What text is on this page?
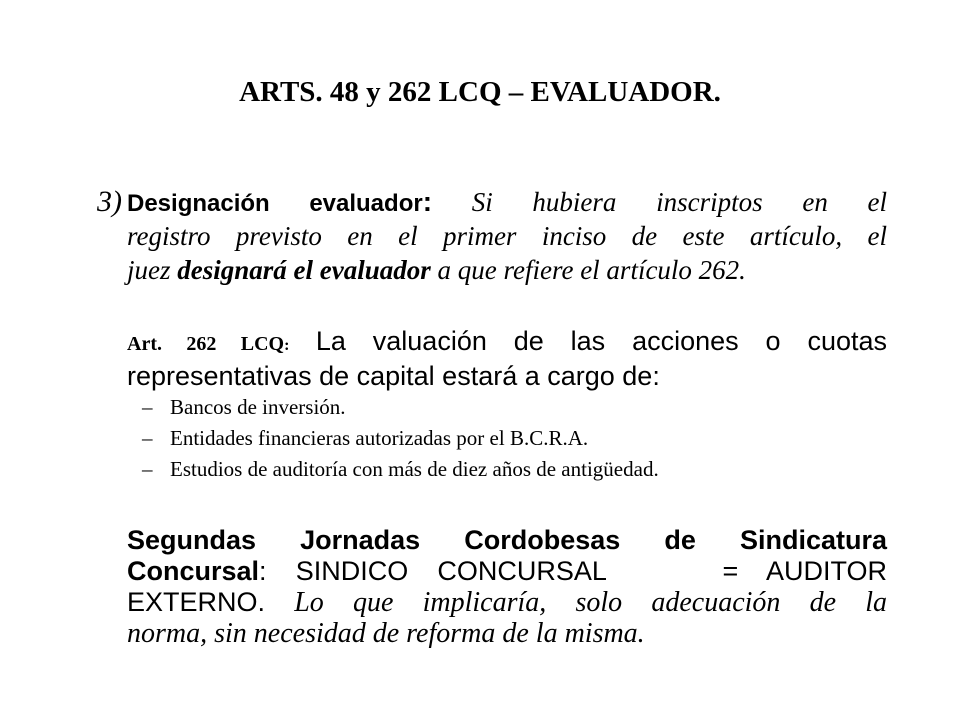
ARTS. 48 y 262 LCQ – EVALUADOR.
3) Designación evaluador: Si hubiera inscriptos en el
registro previsto en el primer inciso de este artículo, el
juez designará el evaluador a que refiere el artículo 262.
Art. 262 LCQ: La valuación de las acciones o cuotas
representativas de capital estará a cargo de:
– Bancos de inversión.
– Entidades financieras autorizadas por el B.C.R.A.
– Estudios de auditoría con más de diez años de antigüedad.
Segundas Jornadas Cordobesas de Sindicatura
Concursal: SINDICO CONCURSAL    = AUDITOR
EXTERNO. Lo que implicaría, solo adecuación de la
norma, sin necesidad de reforma de la misma.
